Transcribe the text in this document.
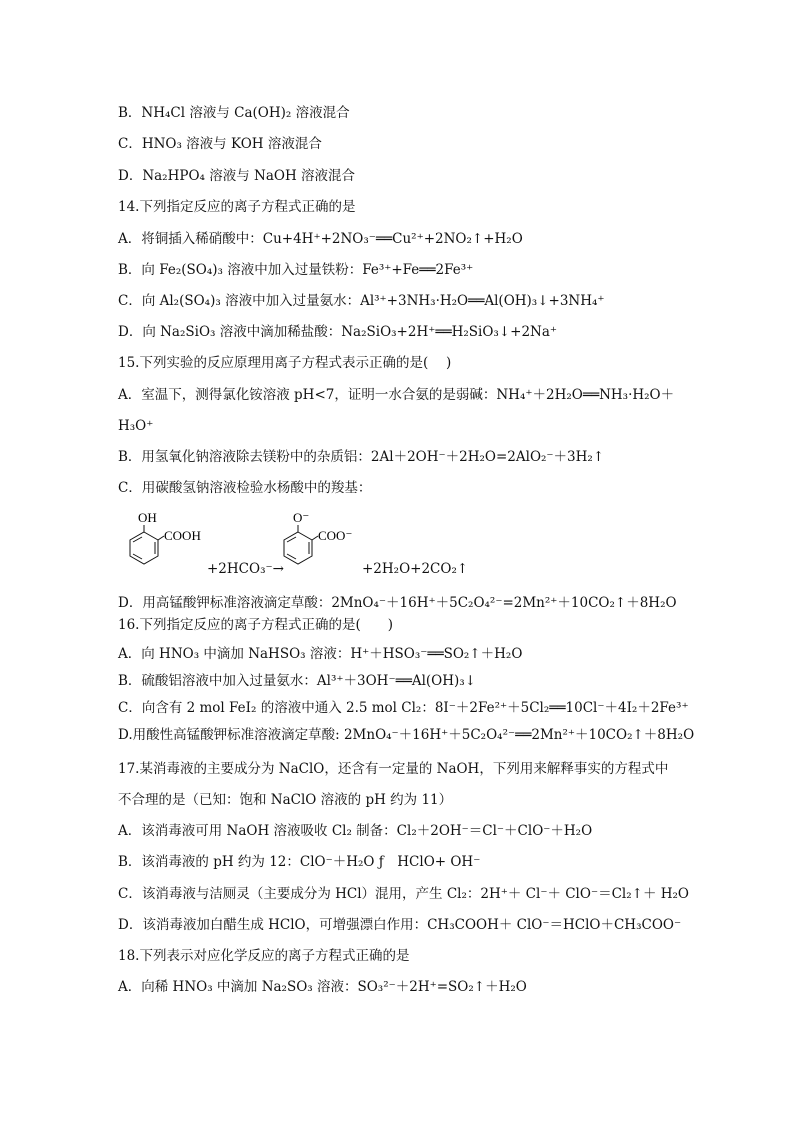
B．NH₄Cl 溶液与 Ca(OH)₂ 溶液混合
C．HNO₃ 溶液与 KOH 溶液混合
D．Na₂HPO₄ 溶液与 NaOH 溶液混合
14.下列指定反应的离子方程式正确的是
A．将铜插入稀硝酸中：Cu+4H⁺+2NO₃⁻══Cu²⁺+2NO₂↑+H₂O
B．向 Fe₂(SO₄)₃ 溶液中加入过量铁粉：Fe³⁺+Fe══2Fe³⁺
C．向 Al₂(SO₄)₃ 溶液中加入过量氨水：Al³⁺+3NH₃·H₂O══Al(OH)₃↓+3NH₄⁺
D．向 Na₂SiO₃ 溶液中滴加稀盐酸：Na₂SiO₃+2H⁺══H₂SiO₃↓+2Na⁺
15.下列实验的反应原理用离子方程式表示正确的是(　 )
A．室温下，测得氯化铵溶液 pH<7，证明一水合氨的是弱碱：NH₄⁺＋2H₂O══NH₃·H₂O＋
H₃O⁺
B．用氢氧化钠溶液除去镁粉中的杂质铝：2Al＋2OH⁻＋2H₂O=2AlO₂⁻＋3H₂↑
C．用碳酸氢钠溶液检验水杨酸中的羧基：
OH
COOH
+2HCO₃⁻→
O⁻
COO⁻
+2H₂O+2CO₂↑
D．用高锰酸钾标准溶液滴定草酸：2MnO₄⁻＋16H⁺＋5C₂O₄²⁻=2Mn²⁺＋10CO₂↑＋8H₂O
16.下列指定反应的离子方程式正确的是(　　)
A．向 HNO₃ 中滴加 NaHSO₃ 溶液：H⁺＋HSO₃⁻══SO₂↑＋H₂O
B．硫酸铝溶液中加入过量氨水：Al³⁺＋3OH⁻══Al(OH)₃↓
C．向含有 2 mol FeI₂ 的溶液中通入 2.5 mol Cl₂：8I⁻＋2Fe²⁺＋5Cl₂══10Cl⁻＋4I₂＋2Fe³⁺
D.用酸性高锰酸钾标准溶液滴定草酸: 2MnO₄⁻＋16H⁺＋5C₂O₄²⁻══2Mn²⁺＋10CO₂↑＋8H₂O
17.某消毒液的主要成分为 NaClO，还含有一定量的 NaOH，下列用来解释事实的方程式中
不合理的是（已知：饱和 NaClO 溶液的 pH 约为 11）
A．该消毒液可用 NaOH 溶液吸收 Cl₂ 制备：Cl₂＋2OH⁻＝Cl⁻＋ClO⁻＋H₂O
B．该消毒液的 pH 约为 12：ClO⁻＋H₂O ƒ　HClO+ OH⁻
C．该消毒液与洁厕灵（主要成分为 HCl）混用，产生 Cl₂：2H⁺＋ Cl⁻＋ ClO⁻＝Cl₂↑＋ H₂O
D．该消毒液加白醋生成 HClO，可增强漂白作用：CH₃COOH＋ ClO⁻＝HClO＋CH₃COO⁻
18.下列表示对应化学反应的离子方程式正确的是
A．向稀 HNO₃ 中滴加 Na₂SO₃ 溶液：SO₃²⁻＋2H⁺=SO₂↑＋H₂O
